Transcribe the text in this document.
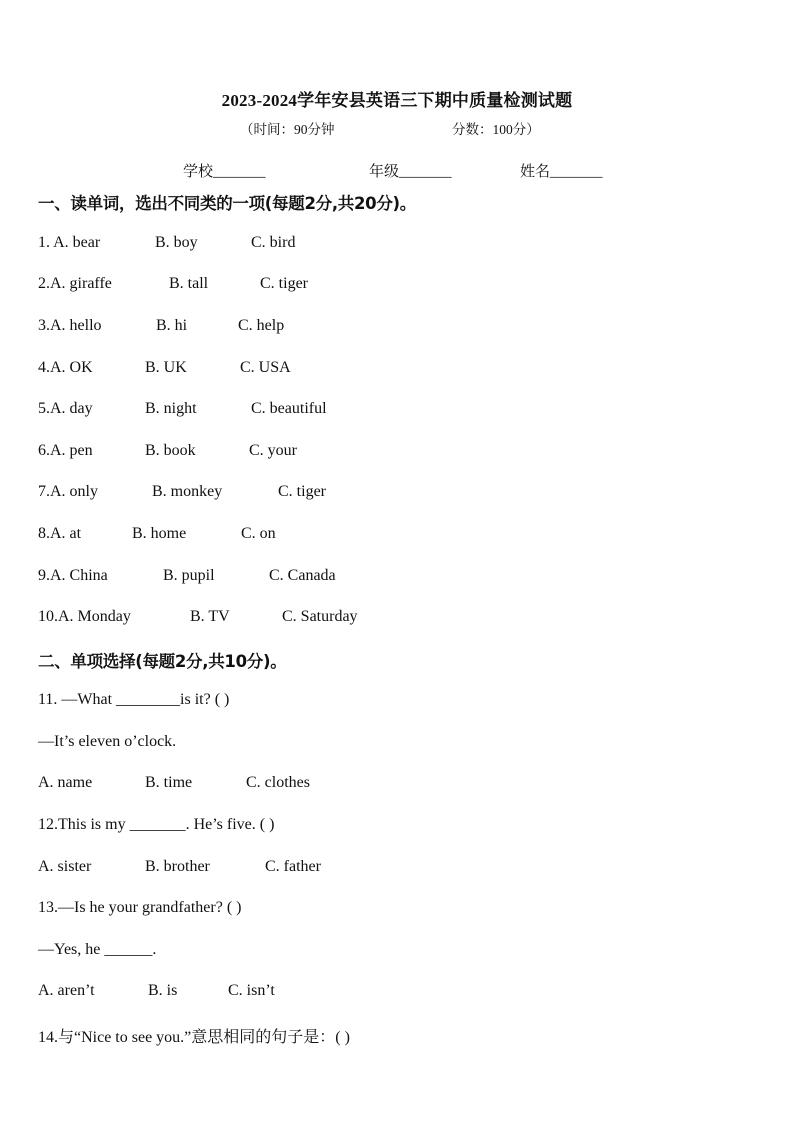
2023-2024学年安县英语三下期中质量检测试题
（时间：90分钟	分数：100分）
学校_______	年级_______	姓名_______
一、读单词，选出不同类的一项(每题2分,共20分)。
1. A. bear	B. boy	C. bird
2.A. giraffe	B. tall	C. tiger
3.A. hello	B. hi	C. help
4.A. OK	B. UK	C. USA
5.A. day	B. night	C. beautiful
6.A. pen	B. book	C. your
7.A. only	B. monkey	C. tiger
8.A. at	B. home	C. on
9.A. China	B. pupil	C. Canada
10.A. Monday	B. TV	C. Saturday
二、单项选择(每题2分,共10分)。
11. —What ________is it? ( )
—It’s eleven o’clock.
A. name	B. time	C. clothes
12.This is my _______. He’s five. ( )
A. sister	B. brother	C. father
13.—Is he your grandfather? ( )
—Yes, he ______.
A. aren’t	B. is	C. isn’t
14.与“Nice to see you.”意思相同的句子是：( )
